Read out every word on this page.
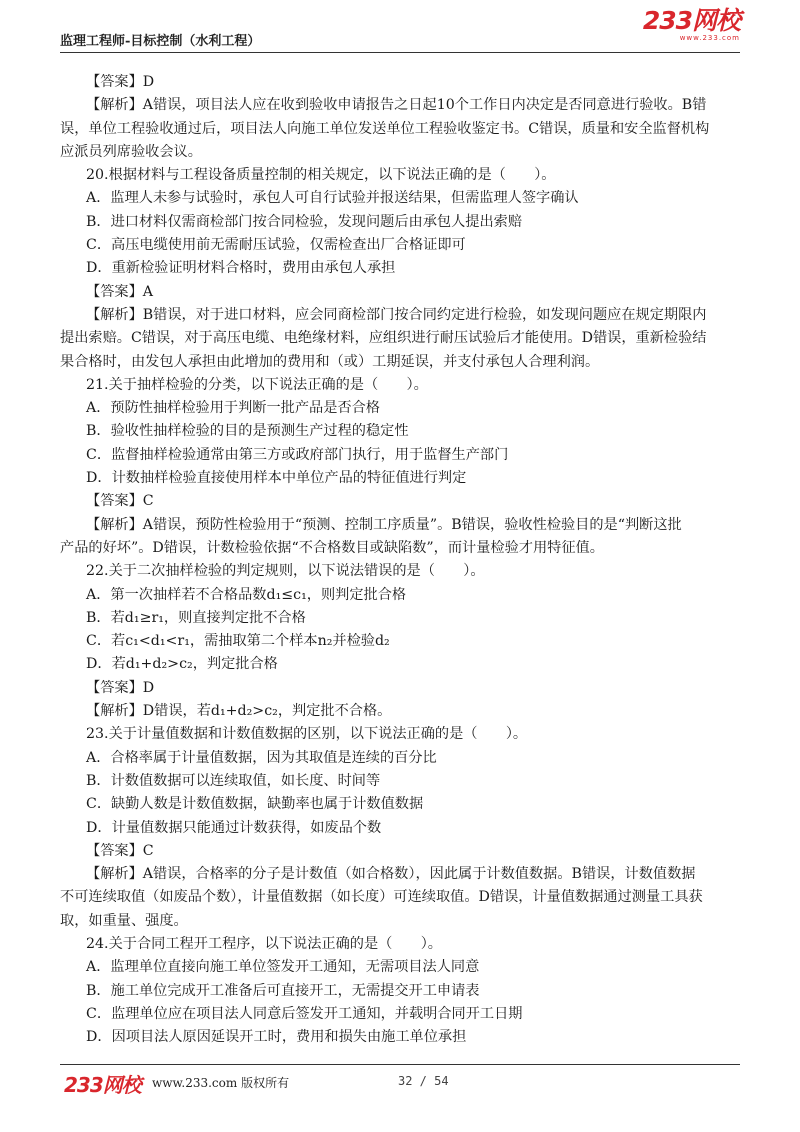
监理工程师-目标控制（水利工程）
233网校
www.233.com
【答案】D
【解析】A错误，项目法人应在收到验收申请报告之日起10个工作日内决定是否同意进行验收。B错
误，单位工程验收通过后，项目法人向施工单位发送单位工程验收鉴定书。C错误，质量和安全监督机构
应派员列席验收会议。
20.根据材料与工程设备质量控制的相关规定，以下说法正确的是（　　）。
A．监理人未参与试验时，承包人可自行试验并报送结果，但需监理人签字确认
B．进口材料仅需商检部门按合同检验，发现问题后由承包人提出索赔
C．高压电缆使用前无需耐压试验，仅需检查出厂合格证即可
D．重新检验证明材料合格时，费用由承包人承担
【答案】A
【解析】B错误，对于进口材料，应会同商检部门按合同约定进行检验，如发现问题应在规定期限内
提出索赔。C错误，对于高压电缆、电绝缘材料，应组织进行耐压试验后才能使用。D错误，重新检验结
果合格时，由发包人承担由此增加的费用和（或）工期延误，并支付承包人合理利润。
21.关于抽样检验的分类，以下说法正确的是（　　）。
A．预防性抽样检验用于判断一批产品是否合格
B．验收性抽样检验的目的是预测生产过程的稳定性
C．监督抽样检验通常由第三方或政府部门执行，用于监督生产部门
D．计数抽样检验直接使用样本中单位产品的特征值进行判定
【答案】C
【解析】A错误，预防性检验用于“预测、控制工序质量”。B错误，验收性检验目的是“判断这批
产品的好坏”。D错误，计数检验依据“不合格数目或缺陷数”，而计量检验才用特征值。
22.关于二次抽样检验的判定规则，以下说法错误的是（　　）。
A．第一次抽样若不合格品数d₁≤c₁，则判定批合格
B．若d₁≥r₁，则直接判定批不合格
C．若c₁<d₁<r₁，需抽取第二个样本n₂并检验d₂
D．若d₁+d₂>c₂，判定批合格
【答案】D
【解析】D错误，若d₁+d₂>c₂，判定批不合格。
23.关于计量值数据和计数值数据的区别，以下说法正确的是（　　）。
A．合格率属于计量值数据，因为其取值是连续的百分比
B．计数值数据可以连续取值，如长度、时间等
C．缺勤人数是计数值数据，缺勤率也属于计数值数据
D．计量值数据只能通过计数获得，如废品个数
【答案】C
【解析】A错误，合格率的分子是计数值（如合格数），因此属于计数值数据。B错误，计数值数据
不可连续取值（如废品个数），计量值数据（如长度）可连续取值。D错误，计量值数据通过测量工具获
取，如重量、强度。
24.关于合同工程开工程序，以下说法正确的是（　　）。
A．监理单位直接向施工单位签发开工通知，无需项目法人同意
B．施工单位完成开工准备后可直接开工，无需提交开工申请表
C．监理单位应在项目法人同意后签发开工通知，并载明合同开工日期
D．因项目法人原因延误开工时，费用和损失由施工单位承担
233网校 www.233.com 版权所有	32 / 54
